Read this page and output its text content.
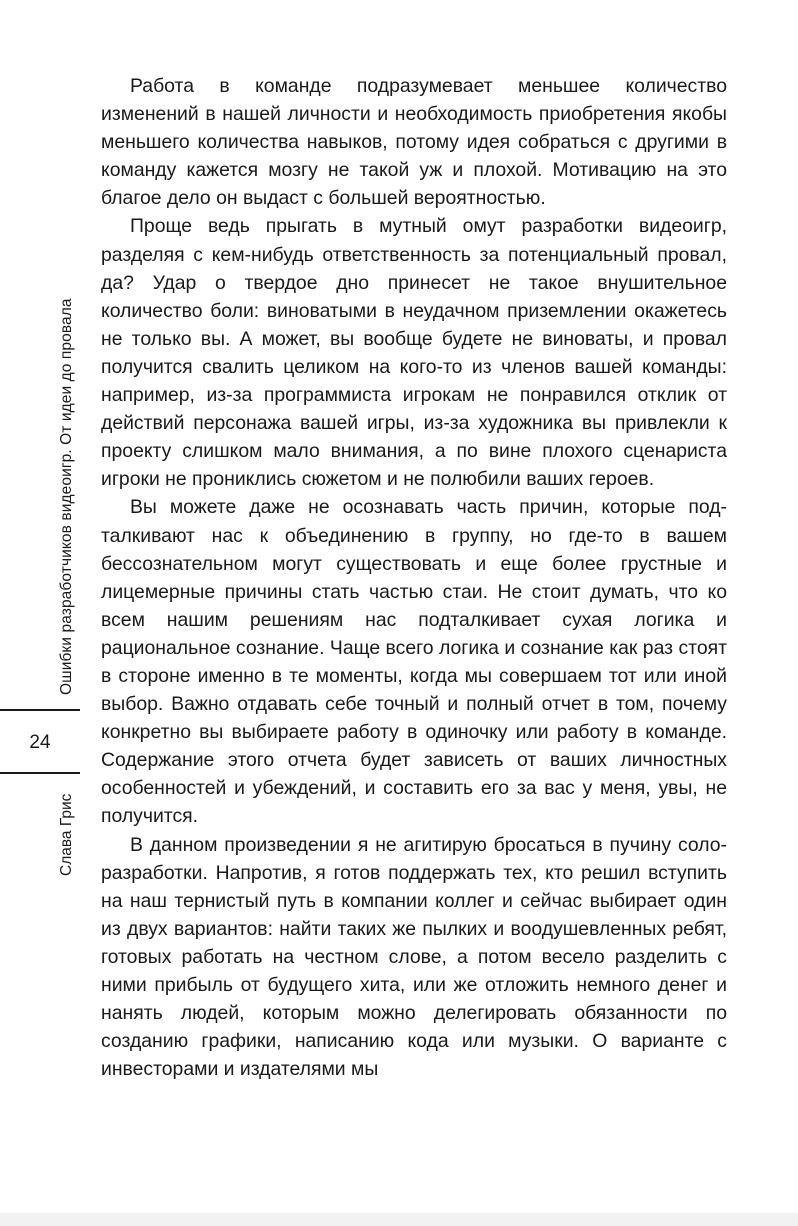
Ошибки разработчиков видеоигр. От идеи до провала
24
Слава Грис

Работа в команде подразумевает меньшее количество изменений в нашей личности и необходимость приобретения якобы меньшего количества навыков, потому идея собраться с другими в команду кажется мозгу не такой уж и плохой. Мотивацию на это благое дело он выдаст с большей вероятностью.

Проще ведь прыгать в мутный омут разработки видеоигр, разделяя с кем-нибудь ответственность за потенциальный провал, да? Удар о твердое дно принесет не такое внушительное количество боли: виноватыми в неудачном приземлении окажетесь не только вы. А может, вы вообще будете не виноваты, и провал получится свалить целиком на кого-то из членов вашей команды: например, из-за программиста игрокам не понравился отклик от действий персонажа вашей игры, из-за художника вы привлекли к проекту слишком мало внимания, а по вине плохого сценариста игроки не прониклись сюжетом и не полюбили ваших героев.

Вы можете даже не осознавать часть причин, которые подталкивают нас к объединению в группу, но где-то в вашем бессознательном могут существовать и еще более грустные и лицемерные причины стать частью стаи. Не стоит думать, что ко всем нашим решениям нас подталкивает сухая логика и рациональное сознание. Чаще всего логика и сознание как раз стоят в стороне именно в те моменты, когда мы совершаем тот или иной выбор. Важно отдавать себе точный и полный отчет в том, почему конкретно вы выбираете работу в одиночку или работу в команде. Содержание этого отчета будет зависеть от ваших личностных особенностей и убеждений, и составить его за вас у меня, увы, не получится.

В данном произведении я не агитирую бросаться в пучину соло-разработки. Напротив, я готов поддержать тех, кто решил вступить на наш тернистый путь в компании коллег и сейчас выбирает один из двух вариантов: найти таких же пылких и воодушевленных ребят, готовых работать на честном слове, а потом весело разделить с ними прибыль от будущего хита, или же отложить немного денег и нанять людей, которым можно делегировать обязанности по созданию графики, написанию кода или музыки. О варианте с инвесторами и издателями мы
